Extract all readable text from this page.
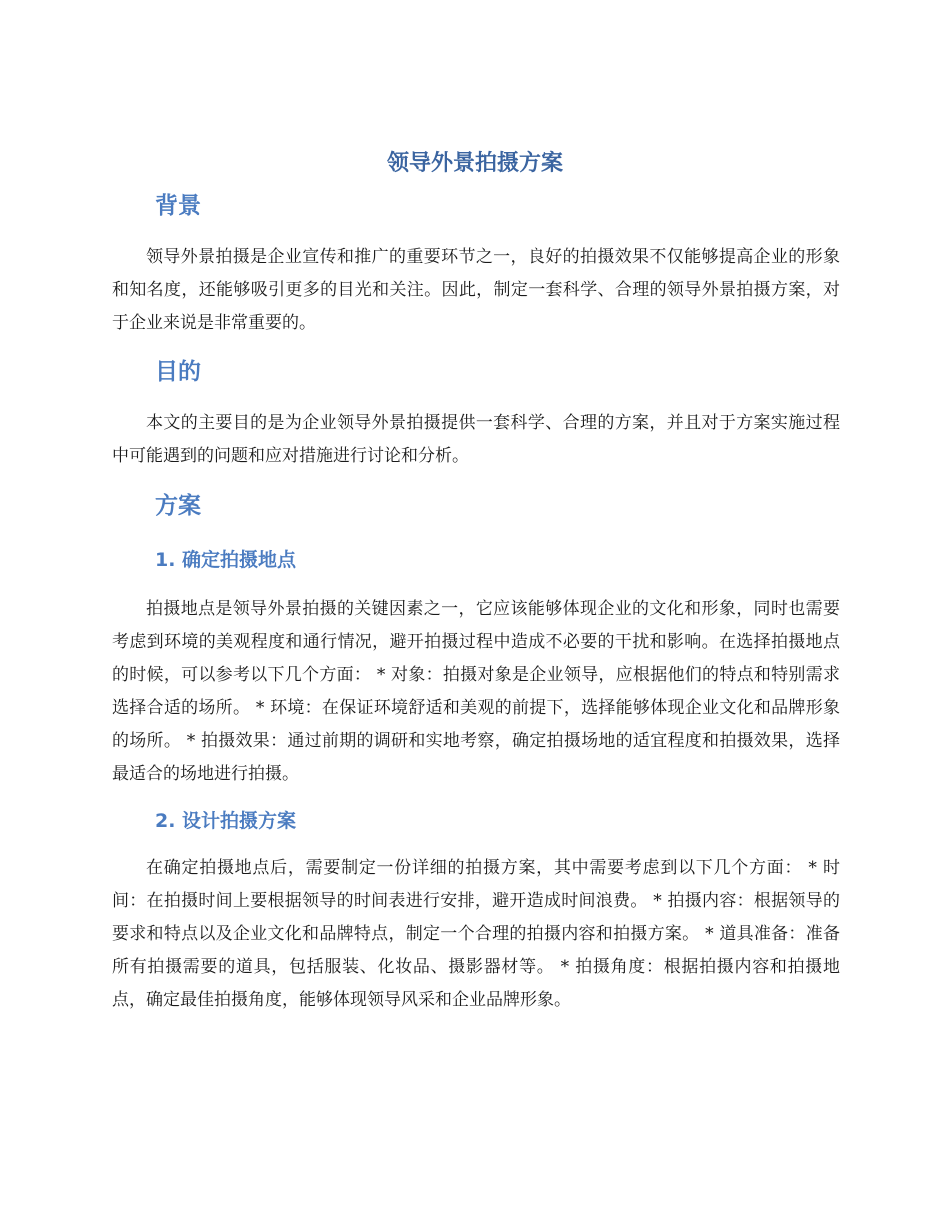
领导外景拍摄方案
背景

领导外景拍摄是企业宣传和推广的重要环节之一，良好的拍摄效果不仅能够提高企业的形象和知名度，还能够吸引更多的目光和关注。因此，制定一套科学、合理的领导外景拍摄方案，对于企业来说是非常重要的。

目的

本文的主要目的是为企业领导外景拍摄提供一套科学、合理的方案，并且对于方案实施过程中可能遇到的问题和应对措施进行讨论和分析。

方案
1. 确定拍摄地点

拍摄地点是领导外景拍摄的关键因素之一，它应该能够体现企业的文化和形象，同时也需要考虑到环境的美观程度和通行情况，避开拍摄过程中造成不必要的干扰和影响。在选择拍摄地点的时候，可以参考以下几个方面： * 对象：拍摄对象是企业领导，应根据他们的特点和特别需求选择合适的场所。 * 环境：在保证环境舒适和美观的前提下，选择能够体现企业文化和品牌形象的场所。 * 拍摄效果：通过前期的调研和实地考察，确定拍摄场地的适宜程度和拍摄效果，选择最适合的场地进行拍摄。

2. 设计拍摄方案

在确定拍摄地点后，需要制定一份详细的拍摄方案，其中需要考虑到以下几个方面： * 时间：在拍摄时间上要根据领导的时间表进行安排，避开造成时间浪费。 * 拍摄内容：根据领导的要求和特点以及企业文化和品牌特点，制定一个合理的拍摄内容和拍摄方案。 * 道具准备：准备所有拍摄需要的道具，包括服装、化妆品、摄影器材等。 * 拍摄角度：根据拍摄内容和拍摄地点，确定最佳拍摄角度，能够体现领导风采和企业品牌形象。
